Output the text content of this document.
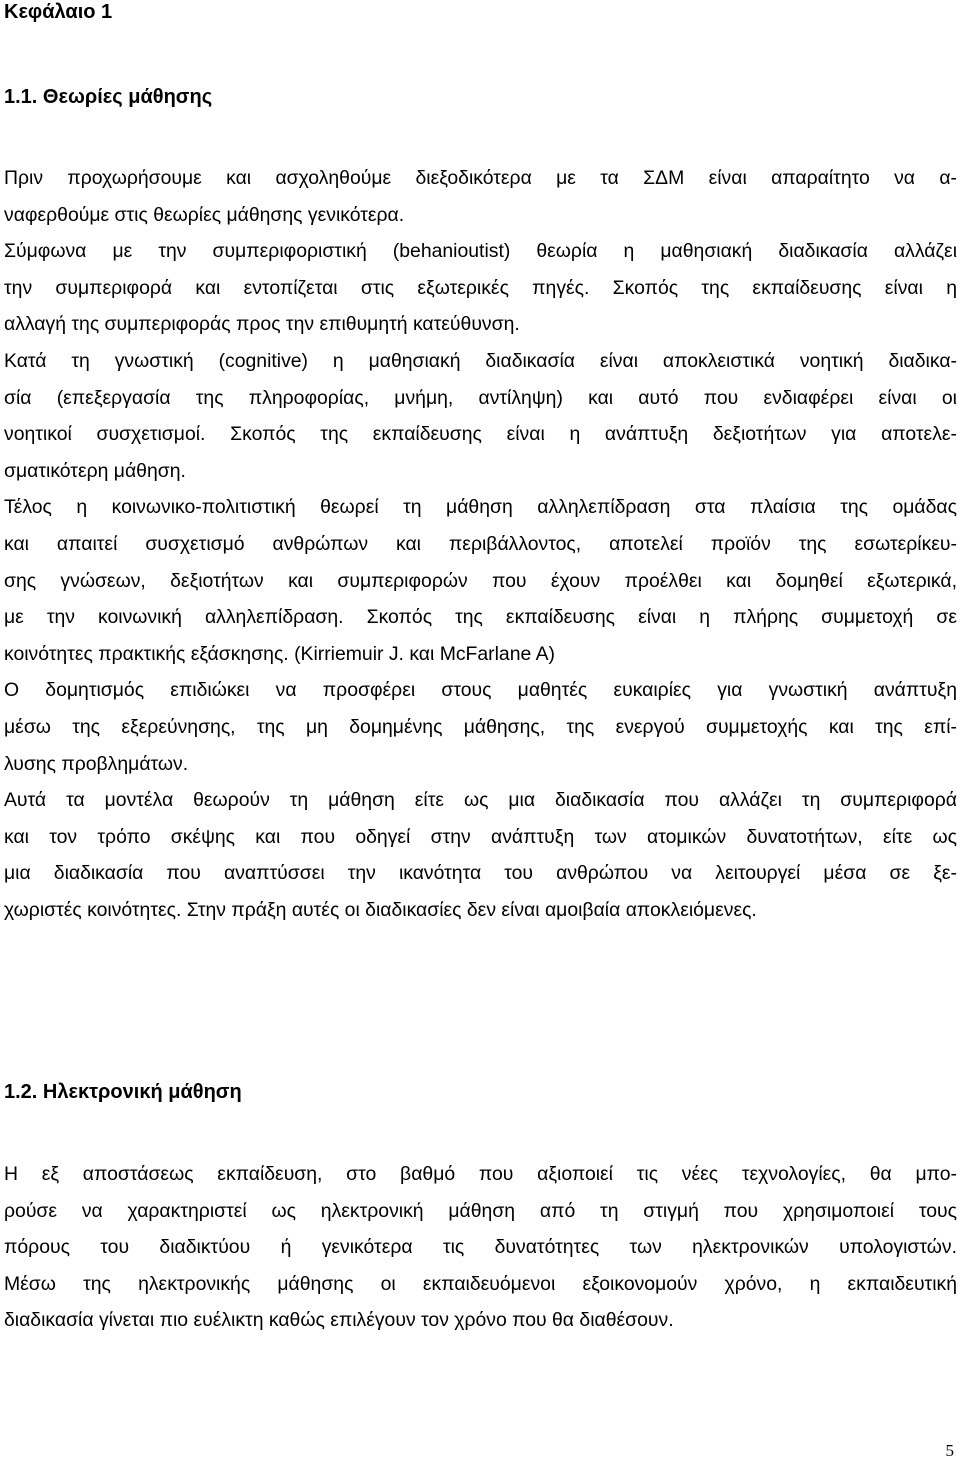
Κεφάλαιο 1
1.1. Θεωρίες μάθησης
Πριν προχωρήσουμε και ασχοληθούμε διεξοδικότερα με τα ΣΔΜ είναι απαραίτητο να α-
ναφερθούμε στις θεωρίες μάθησης γενικότερα.
Σύμφωνα με την συμπεριφοριστική (behanioutist) θεωρία η μαθησιακή διαδικασία αλλάζει
την συμπεριφορά και εντοπίζεται στις εξωτερικές πηγές. Σκοπός της εκπαίδευσης είναι η
αλλαγή της συμπεριφοράς προς την επιθυμητή κατεύθυνση.
Κατά τη γνωστική (cognitive) η μαθησιακή διαδικασία είναι αποκλειστικά νοητική διαδικα-
σία (επεξεργασία της πληροφορίας, μνήμη, αντίληψη) και αυτό που ενδιαφέρει είναι οι
νοητικοί συσχετισμοί. Σκοπός της εκπαίδευσης είναι η ανάπτυξη δεξιοτήτων για αποτελε-
σματικότερη μάθηση.
Τέλος η κοινωνικο-πολιτιστική θεωρεί τη μάθηση αλληλεπίδραση στα πλαίσια της ομάδας
και απαιτεί συσχετισμό ανθρώπων και περιβάλλοντος, αποτελεί προϊόν της εσωτερίκευ-
σης γνώσεων, δεξιοτήτων και συμπεριφορών που έχουν προέλθει και δομηθεί εξωτερικά,
με την κοινωνική αλληλεπίδραση. Σκοπός της εκπαίδευσης είναι η πλήρης συμμετοχή σε
κοινότητες πρακτικής εξάσκησης. (Kirriemuir J. και McFarlane A)
Ο δομητισμός επιδιώκει να προσφέρει στους μαθητές ευκαιρίες για γνωστική ανάπτυξη
μέσω της εξερεύνησης, της μη δομημένης μάθησης, της ενεργού συμμετοχής και της επί-
λυσης προβλημάτων.
Αυτά τα μοντέλα θεωρούν τη μάθηση είτε ως μια διαδικασία που αλλάζει τη συμπεριφορά
και τον τρόπο σκέψης και που οδηγεί στην ανάπτυξη των ατομικών δυνατοτήτων, είτε ως
μια διαδικασία που αναπτύσσει την ικανότητα του ανθρώπου να λειτουργεί μέσα σε ξε-
χωριστές κοινότητες. Στην πράξη αυτές οι διαδικασίες δεν είναι αμοιβαία αποκλειόμενες.
1.2. Ηλεκτρονική μάθηση
Η εξ αποστάσεως εκπαίδευση, στο βαθμό που αξιοποιεί τις νέες τεχνολογίες, θα μπο-
ρούσε να χαρακτηριστεί ως ηλεκτρονική μάθηση από τη στιγμή που χρησιμοποιεί τους
πόρους του διαδικτύου ή γενικότερα τις δυνατότητες των ηλεκτρονικών υπολογιστών.
Μέσω της ηλεκτρονικής μάθησης οι εκπαιδευόμενοι εξοικονομούν χρόνο, η εκπαιδευτική
διαδικασία γίνεται πιο ευέλικτη καθώς επιλέγουν τον χρόνο που θα διαθέσουν.
5
